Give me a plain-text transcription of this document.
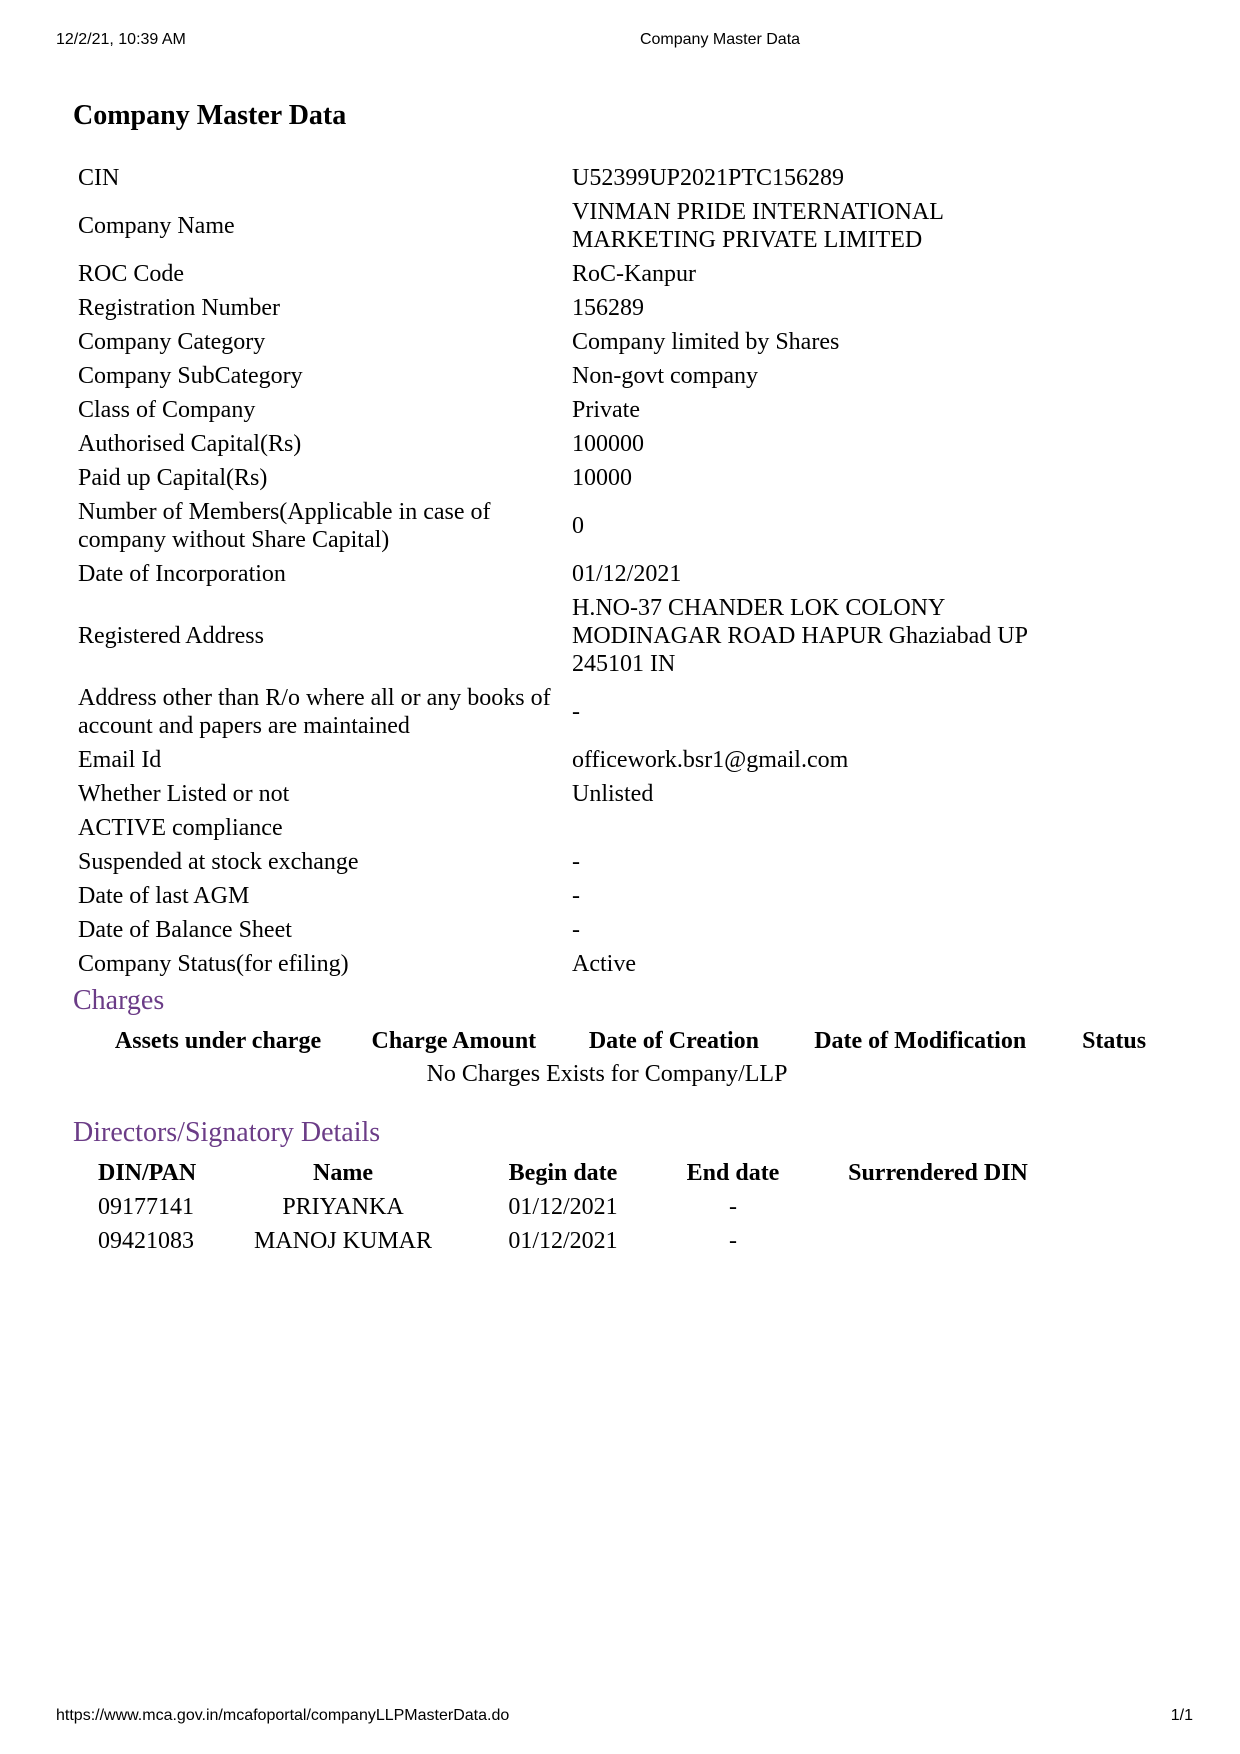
12/2/21, 10:39 AM	Company Master Data
Company Master Data
CIN	U52399UP2021PTC156289
Company Name	VINMAN PRIDE INTERNATIONAL MARKETING PRIVATE LIMITED
ROC Code	RoC-Kanpur
Registration Number	156289
Company Category	Company limited by Shares
Company SubCategory	Non-govt company
Class of Company	Private
Authorised Capital(Rs)	100000
Paid up Capital(Rs)	10000
Number of Members(Applicable in case of company without Share Capital)	0
Date of Incorporation	01/12/2021
Registered Address	H.NO-37 CHANDER LOK COLONY MODINAGAR ROAD HAPUR Ghaziabad UP 245101 IN
Address other than R/o where all or any books of account and papers are maintained	-
Email Id	officework.bsr1@gmail.com
Whether Listed or not	Unlisted
ACTIVE compliance	
Suspended at stock exchange	-
Date of last AGM	-
Date of Balance Sheet	-
Company Status(for efiling)	Active
Charges
Assets under charge	Charge Amount	Date of Creation	Date of Modification	Status
No Charges Exists for Company/LLP
Directors/Signatory Details
DIN/PAN	Name	Begin date	End date	Surrendered DIN
09177141	PRIYANKA	01/12/2021	-	
09421083	MANOJ KUMAR	01/12/2021	-	
https://www.mca.gov.in/mcafoportal/companyLLPMasterData.do	1/1
